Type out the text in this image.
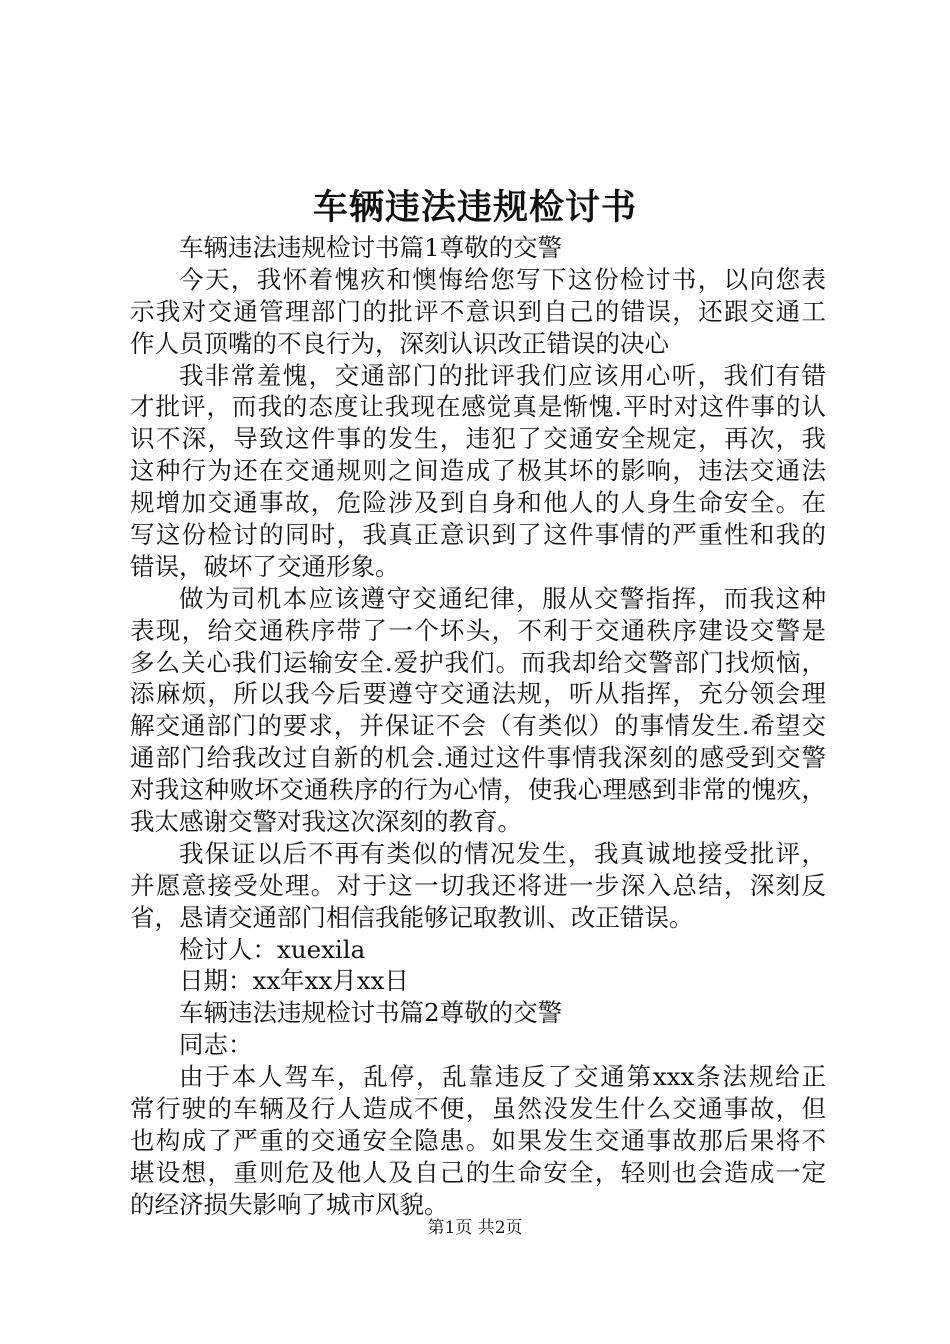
车辆违法违规检讨书
车辆违法违规检讨书篇1尊敬的交警
今天，我怀着愧疚和懊悔给您写下这份检讨书，以向您表
示我对交通管理部门的批评不意识到自己的错误，还跟交通工
作人员顶嘴的不良行为，深刻认识改正错误的决心
我非常羞愧，交通部门的批评我们应该用心听，我们有错
才批评，而我的态度让我现在感觉真是惭愧.平时对这件事的认
识不深，导致这件事的发生，违犯了交通安全规定，再次，我
这种行为还在交通规则之间造成了极其坏的影响，违法交通法
规增加交通事故，危险涉及到自身和他人的人身生命安全。在
写这份检讨的同时，我真正意识到了这件事情的严重性和我的
错误，破坏了交通形象。
做为司机本应该遵守交通纪律，服从交警指挥，而我这种
表现，给交通秩序带了一个坏头，不利于交通秩序建设交警是
多么关心我们运输安全.爱护我们。而我却给交警部门找烦恼，
添麻烦，所以我今后要遵守交通法规，听从指挥，充分领会理
解交通部门的要求，并保证不会（有类似）的事情发生.希望交
通部门给我改过自新的机会.通过这件事情我深刻的感受到交警
对我这种败坏交通秩序的行为心情，使我心理感到非常的愧疚，
我太感谢交警对我这次深刻的教育。
我保证以后不再有类似的情况发生，我真诚地接受批评，
并愿意接受处理。对于这一切我还将进一步深入总结，深刻反
省，恳请交通部门相信我能够记取教训、改正错误。
检讨人：xuexila
日期：xx年xx月xx日
车辆违法违规检讨书篇2尊敬的交警
同志：
由于本人驾车，乱停，乱靠违反了交通第xxx条法规给正
常行驶的车辆及行人造成不便，虽然没发生什么交通事故，但
也构成了严重的交通安全隐患。如果发生交通事故那后果将不
堪设想，重则危及他人及自己的生命安全，轻则也会造成一定
的经济损失影响了城市风貌。
第1页 共2页
